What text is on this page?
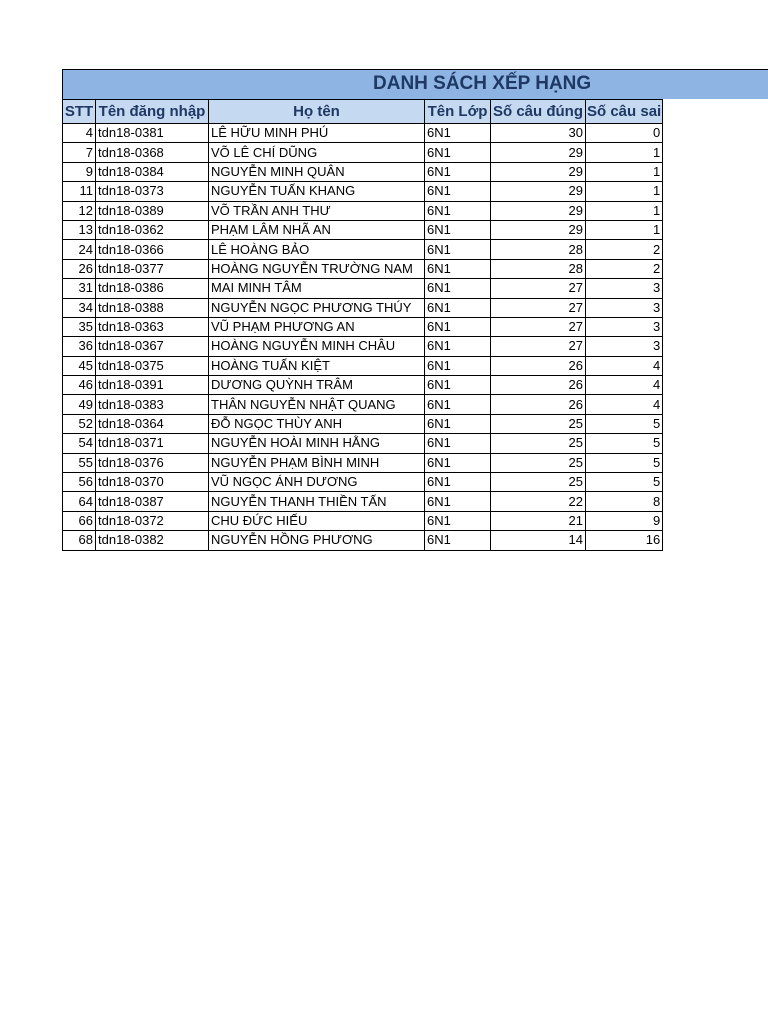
DANH SÁCH XẾP HẠNG
STT	Tên đăng nhập	Họ tên	Tên Lớp	Số câu đúng	Số câu sai
4	tdn18-0381	LÊ HỮU MINH PHÚ	6N1	30	0
7	tdn18-0368	VÕ LÊ CHÍ DŨNG	6N1	29	1
9	tdn18-0384	NGUYỄN MINH QUÂN	6N1	29	1
11	tdn18-0373	NGUYỄN TUẤN KHANG	6N1	29	1
12	tdn18-0389	VÕ TRẦN ANH THƯ	6N1	29	1
13	tdn18-0362	PHẠM LÂM NHÃ AN	6N1	29	1
24	tdn18-0366	LÊ HOÀNG BẢO	6N1	28	2
26	tdn18-0377	HOÀNG NGUYỄN TRƯỜNG NAM	6N1	28	2
31	tdn18-0386	MAI MINH TÂM	6N1	27	3
34	tdn18-0388	NGUYỄN NGỌC PHƯƠNG THÚY	6N1	27	3
35	tdn18-0363	VŨ PHẠM PHƯƠNG AN	6N1	27	3
36	tdn18-0367	HOÀNG NGUYỄN MINH CHÂU	6N1	27	3
45	tdn18-0375	HOÀNG TUẤN KIỆT	6N1	26	4
46	tdn18-0391	DƯƠNG QUỲNH TRÂM	6N1	26	4
49	tdn18-0383	THÂN NGUYỄN NHẬT QUANG	6N1	26	4
52	tdn18-0364	ĐỖ NGỌC THÙY ANH	6N1	25	5
54	tdn18-0371	NGUYỄN HOÀI MINH HẰNG	6N1	25	5
55	tdn18-0376	NGUYỄN PHẠM BÌNH MINH	6N1	25	5
56	tdn18-0370	VŨ NGỌC ÁNH DƯƠNG	6N1	25	5
64	tdn18-0387	NGUYỄN THANH THIỀN TẤN	6N1	22	8
66	tdn18-0372	CHU ĐỨC HIẾU	6N1	21	9
68	tdn18-0382	NGUYỄN HỒNG PHƯƠNG	6N1	14	16
